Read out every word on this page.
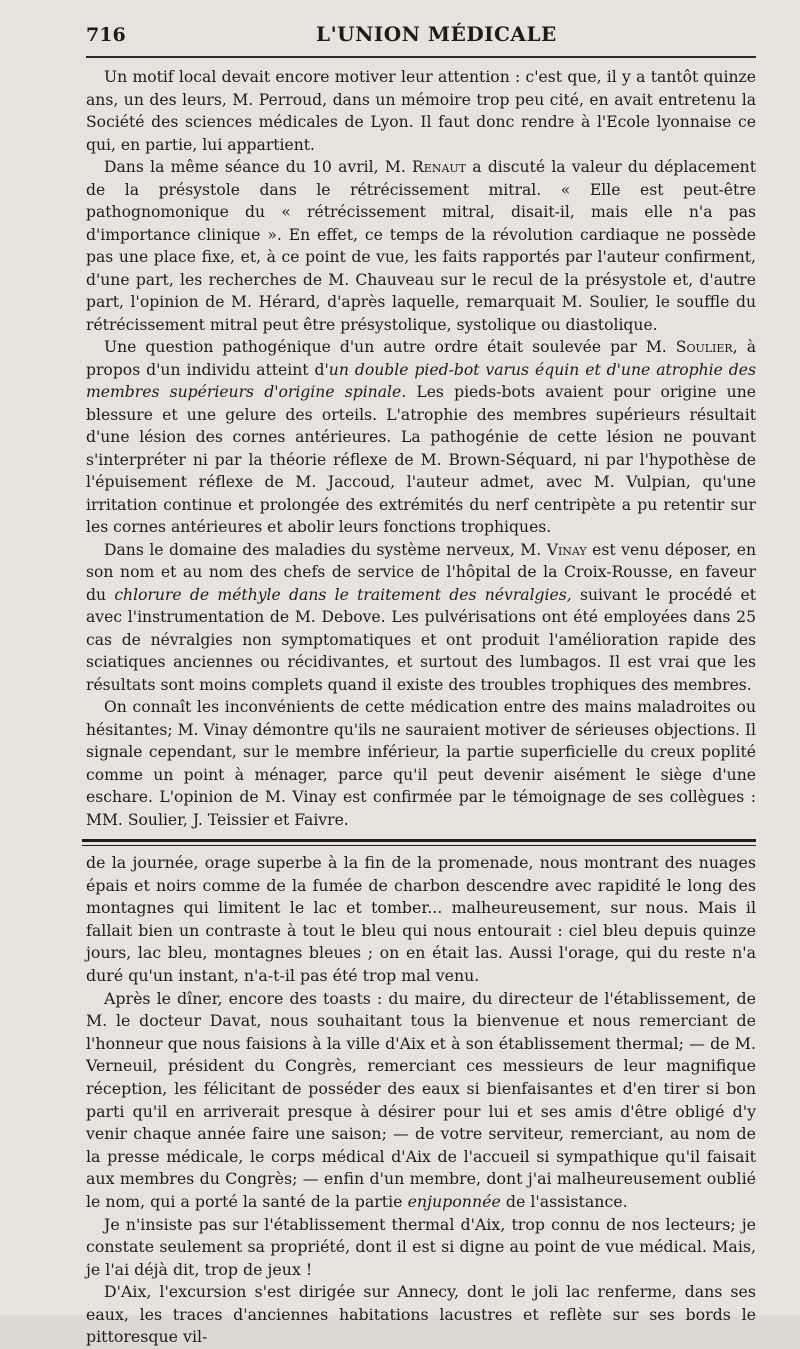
716	L'UNION MÉDICALE

Un motif local devait encore motiver leur attention : c'est que, il y a tantôt quinze ans, un des leurs, M. Perroud, dans un mémoire trop peu cité, en avait entretenu la Société des sciences médicales de Lyon. Il faut donc rendre à l'Ecole lyonnaise ce qui, en partie, lui appartient.

Dans la même séance du 10 avril, M. Renaut a discuté la valeur du déplacement de la présystole dans le rétrécissement mitral. « Elle est peut-être pathognomonique du « rétrécissement mitral, disait-il, mais elle n'a pas d'importance clinique ». En effet, ce temps de la révolution cardiaque ne possède pas une place fixe, et, à ce point de vue, les faits rapportés par l'auteur confirment, d'une part, les recherches de M. Chauveau sur le recul de la présystole et, d'autre part, l'opinion de M. Hérard, d'après laquelle, remarquait M. Soulier, le souffle du rétrécissement mitral peut être présystolique, systolique ou diastolique.

Une question pathogénique d'un autre ordre était soulevée par M. Soulier, à propos d'un individu atteint d'un double pied-bot varus équin et d'une atrophie des membres supérieurs d'origine spinale. Les pieds-bots avaient pour origine une blessure et une gelure des orteils. L'atrophie des membres supérieurs résultait d'une lésion des cornes antérieures. La pathogénie de cette lésion ne pouvant s'interpréter ni par la théorie réflexe de M. Brown-Séquard, ni par l'hypothèse de l'épuisement réflexe de M. Jaccoud, l'auteur admet, avec M. Vulpian, qu'une irritation continue et prolongée des extrémités du nerf centripète a pu retentir sur les cornes antérieures et abolir leurs fonctions trophiques.

Dans le domaine des maladies du système nerveux, M. Vinay est venu déposer, en son nom et au nom des chefs de service de l'hôpital de la Croix-Rousse, en faveur du chlorure de méthyle dans le traitement des névralgies, suivant le procédé et avec l'instrumentation de M. Debove. Les pulvérisations ont été employées dans 25 cas de névralgies non symptomatiques et ont produit l'amélioration rapide des sciatiques anciennes ou récidivantes, et surtout des lumbagos. Il est vrai que les résultats sont moins complets quand il existe des troubles trophiques des membres.

On connaît les inconvénients de cette médication entre des mains maladroites ou hésitantes; M. Vinay démontre qu'ils ne sauraient motiver de sérieuses objections. Il signale cependant, sur le membre inférieur, la partie superficielle du creux poplité comme un point à ménager, parce qu'il peut devenir aisément le siège d'une eschare. L'opinion de M. Vinay est confirmée par le témoignage de ses collègues : MM. Soulier, J. Teissier et Faivre.

de la journée, orage superbe à la fin de la promenade, nous montrant des nuages épais et noirs comme de la fumée de charbon descendre avec rapidité le long des montagnes qui limitent le lac et tomber... malheureusement, sur nous. Mais il fallait bien un contraste à tout le bleu qui nous entourait : ciel bleu depuis quinze jours, lac bleu, montagnes bleues ; on en était las. Aussi l'orage, qui du reste n'a duré qu'un instant, n'a-t-il pas été trop mal venu.

Après le dîner, encore des toasts : du maire, du directeur de l'établissement, de M. le docteur Davat, nous souhaitant tous la bienvenue et nous remerciant de l'honneur que nous faisions à la ville d'Aix et à son établissement thermal; — de M. Verneuil, président du Congrès, remerciant ces messieurs de leur magnifique réception, les félicitant de posséder des eaux si bienfaisantes et d'en tirer si bon parti qu'il en arriverait presque à désirer pour lui et ses amis d'être obligé d'y venir chaque année faire une saison; — de votre serviteur, remerciant, au nom de la presse médicale, le corps médical d'Aix de l'accueil si sympathique qu'il faisait aux membres du Congrès; — enfin d'un membre, dont j'ai malheureusement oublié le nom, qui a porté la santé de la partie enjuponnée de l'assistance.

Je n'insiste pas sur l'établissement thermal d'Aix, trop connu de nos lecteurs; je constate seulement sa propriété, dont il est si digne au point de vue médical. Mais, je l'ai déjà dit, trop de jeux !

D'Aix, l'excursion s'est dirigée sur Annecy, dont le joli lac renferme, dans ses eaux, les traces d'anciennes habitations lacustres et reflète sur ses bords le pittoresque vil-
